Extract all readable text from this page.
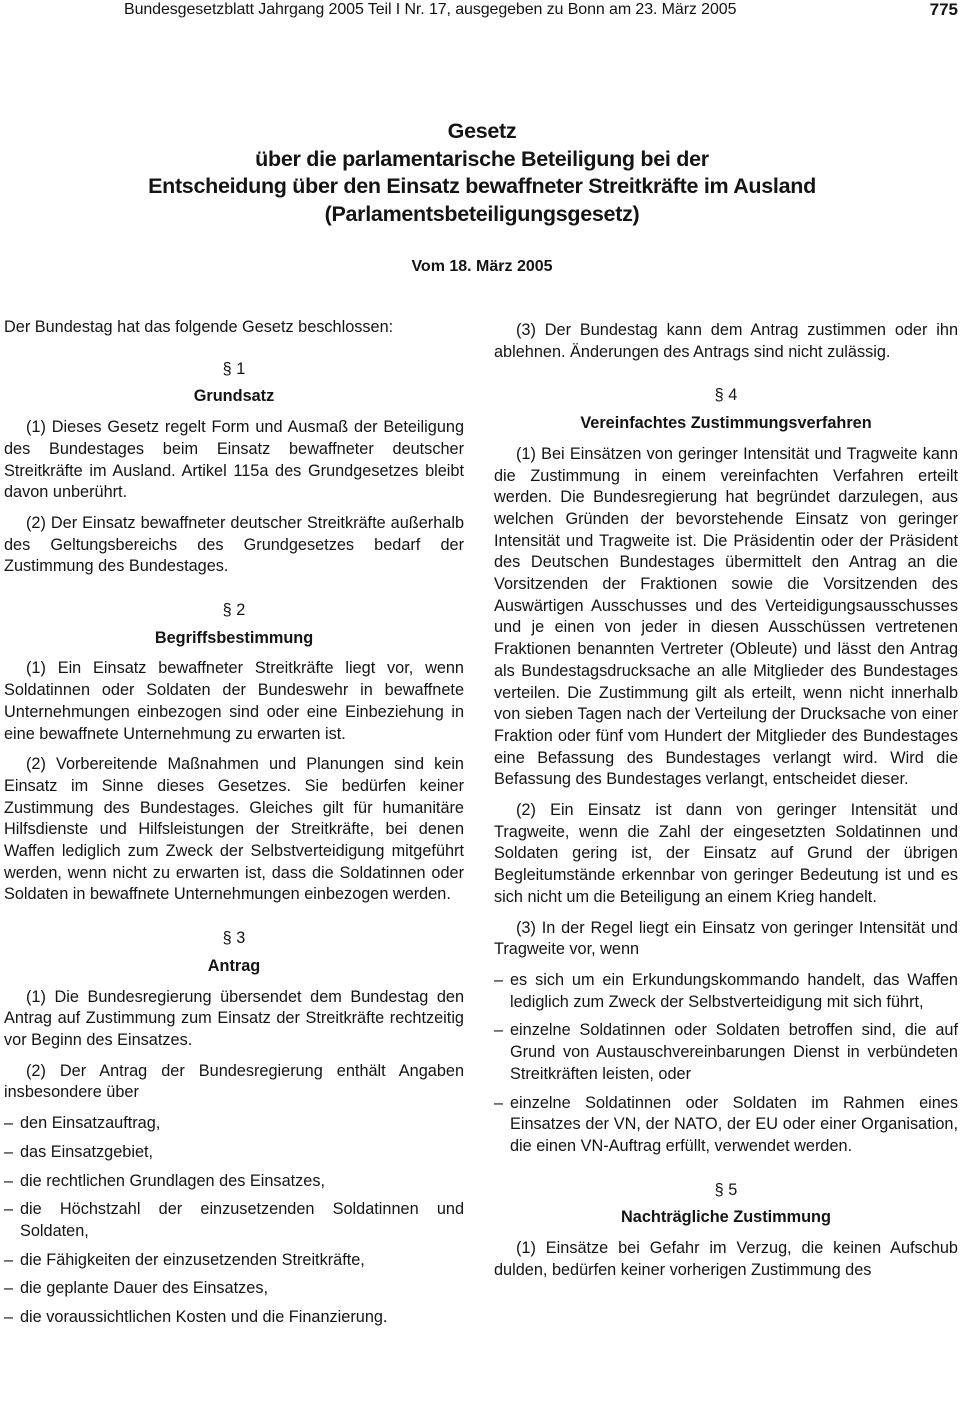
Bundesgesetzblatt Jahrgang 2005 Teil I Nr. 17, ausgegeben zu Bonn am 23. März 2005	775
Gesetz
über die parlamentarische Beteiligung bei der
Entscheidung über den Einsatz bewaffneter Streitkräfte im Ausland
(Parlamentsbeteiligungsgesetz)
Vom 18. März 2005

Der Bundestag hat das folgende Gesetz beschlossen:

§ 1
Grundsatz

(1) Dieses Gesetz regelt Form und Ausmaß der Beteiligung des Bundestages beim Einsatz bewaffneter deutscher Streitkräfte im Ausland. Artikel 115a des Grundgesetzes bleibt davon unberührt.

(2) Der Einsatz bewaffneter deutscher Streitkräfte außerhalb des Geltungsbereichs des Grundgesetzes bedarf der Zustimmung des Bundestages.

§ 2
Begriffsbestimmung

(1) Ein Einsatz bewaffneter Streitkräfte liegt vor, wenn Soldatinnen oder Soldaten der Bundeswehr in bewaffnete Unternehmungen einbezogen sind oder eine Einbeziehung in eine bewaffnete Unternehmung zu erwarten ist.

(2) Vorbereitende Maßnahmen und Planungen sind kein Einsatz im Sinne dieses Gesetzes. Sie bedürfen keiner Zustimmung des Bundestages. Gleiches gilt für humanitäre Hilfsdienste und Hilfsleistungen der Streitkräfte, bei denen Waffen lediglich zum Zweck der Selbstverteidigung mitgeführt werden, wenn nicht zu erwarten ist, dass die Soldatinnen oder Soldaten in bewaffnete Unternehmungen einbezogen werden.

§ 3
Antrag

(1) Die Bundesregierung übersendet dem Bundestag den Antrag auf Zustimmung zum Einsatz der Streitkräfte rechtzeitig vor Beginn des Einsatzes.

(2) Der Antrag der Bundesregierung enthält Angaben insbesondere über

– den Einsatzauftrag,
– das Einsatzgebiet,
– die rechtlichen Grundlagen des Einsatzes,
– die Höchstzahl der einzusetzenden Soldatinnen und Soldaten,
– die Fähigkeiten der einzusetzenden Streitkräfte,
– die geplante Dauer des Einsatzes,
– die voraussichtlichen Kosten und die Finanzierung.

(3) Der Bundestag kann dem Antrag zustimmen oder ihn ablehnen. Änderungen des Antrags sind nicht zulässig.

§ 4
Vereinfachtes Zustimmungsverfahren

(1) Bei Einsätzen von geringer Intensität und Tragweite kann die Zustimmung in einem vereinfachten Verfahren erteilt werden. Die Bundesregierung hat begründet darzulegen, aus welchen Gründen der bevorstehende Einsatz von geringer Intensität und Tragweite ist. Die Präsidentin oder der Präsident des Deutschen Bundestages übermittelt den Antrag an die Vorsitzenden der Fraktionen sowie die Vorsitzenden des Auswärtigen Ausschusses und des Verteidigungsausschusses und je einen von jeder in diesen Ausschüssen vertretenen Fraktionen benannten Vertreter (Obleute) und lässt den Antrag als Bundestagsdrucksache an alle Mitglieder des Bundestages verteilen. Die Zustimmung gilt als erteilt, wenn nicht innerhalb von sieben Tagen nach der Verteilung der Drucksache von einer Fraktion oder fünf vom Hundert der Mitglieder des Bundestages eine Befassung des Bundestages verlangt wird. Wird die Befassung des Bundestages verlangt, entscheidet dieser.

(2) Ein Einsatz ist dann von geringer Intensität und Tragweite, wenn die Zahl der eingesetzten Soldatinnen und Soldaten gering ist, der Einsatz auf Grund der übrigen Begleitumstände erkennbar von geringer Bedeutung ist und es sich nicht um die Beteiligung an einem Krieg handelt.

(3) In der Regel liegt ein Einsatz von geringer Intensität und Tragweite vor, wenn

– es sich um ein Erkundungskommando handelt, das Waffen lediglich zum Zweck der Selbstverteidigung mit sich führt,
– einzelne Soldatinnen oder Soldaten betroffen sind, die auf Grund von Austauschvereinbarungen Dienst in verbündeten Streitkräften leisten, oder
– einzelne Soldatinnen oder Soldaten im Rahmen eines Einsatzes der VN, der NATO, der EU oder einer Organisation, die einen VN-Auftrag erfüllt, verwendet werden.
§ 5
Nachträgliche Zustimmung

(1) Einsätze bei Gefahr im Verzug, die keinen Aufschub dulden, bedürfen keiner vorherigen Zustimmung des
